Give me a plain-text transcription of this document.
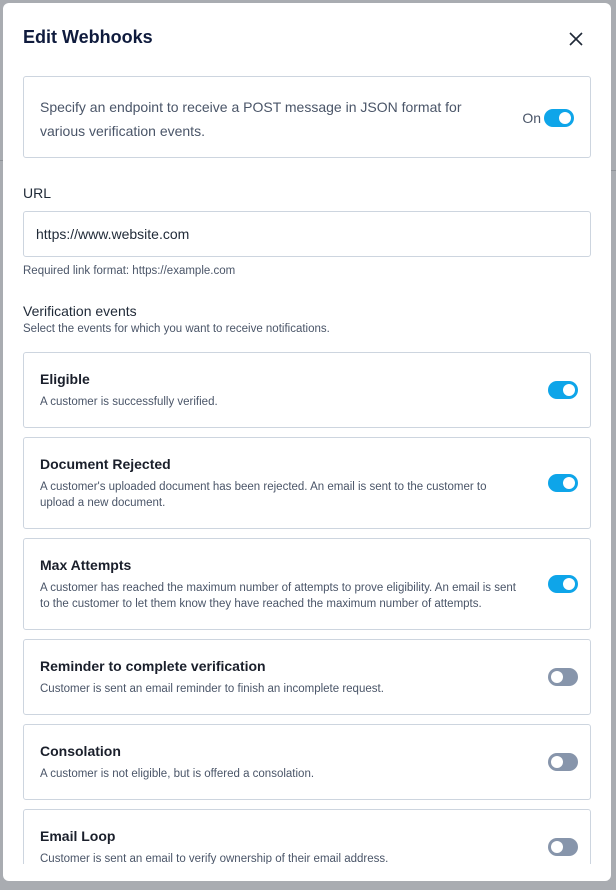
Edit Webhooks
Specify an endpoint to receive a POST message in JSON format for various verification events.
On
URL
https://www.website.com
Required link format: https://example.com
Verification events
Select the events for which you want to receive notifications.
Eligible
A customer is successfully verified.
Document Rejected
A customer's uploaded document has been rejected. An email is sent to the customer to upload a new document.
Max Attempts
A customer has reached the maximum number of attempts to prove eligibility. An email is sent to the customer to let them know they have reached the maximum number of attempts.
Reminder to complete verification
Customer is sent an email reminder to finish an incomplete request.
Consolation
A customer is not eligible, but is offered a consolation.
Email Loop
Customer is sent an email to verify ownership of their email address.
